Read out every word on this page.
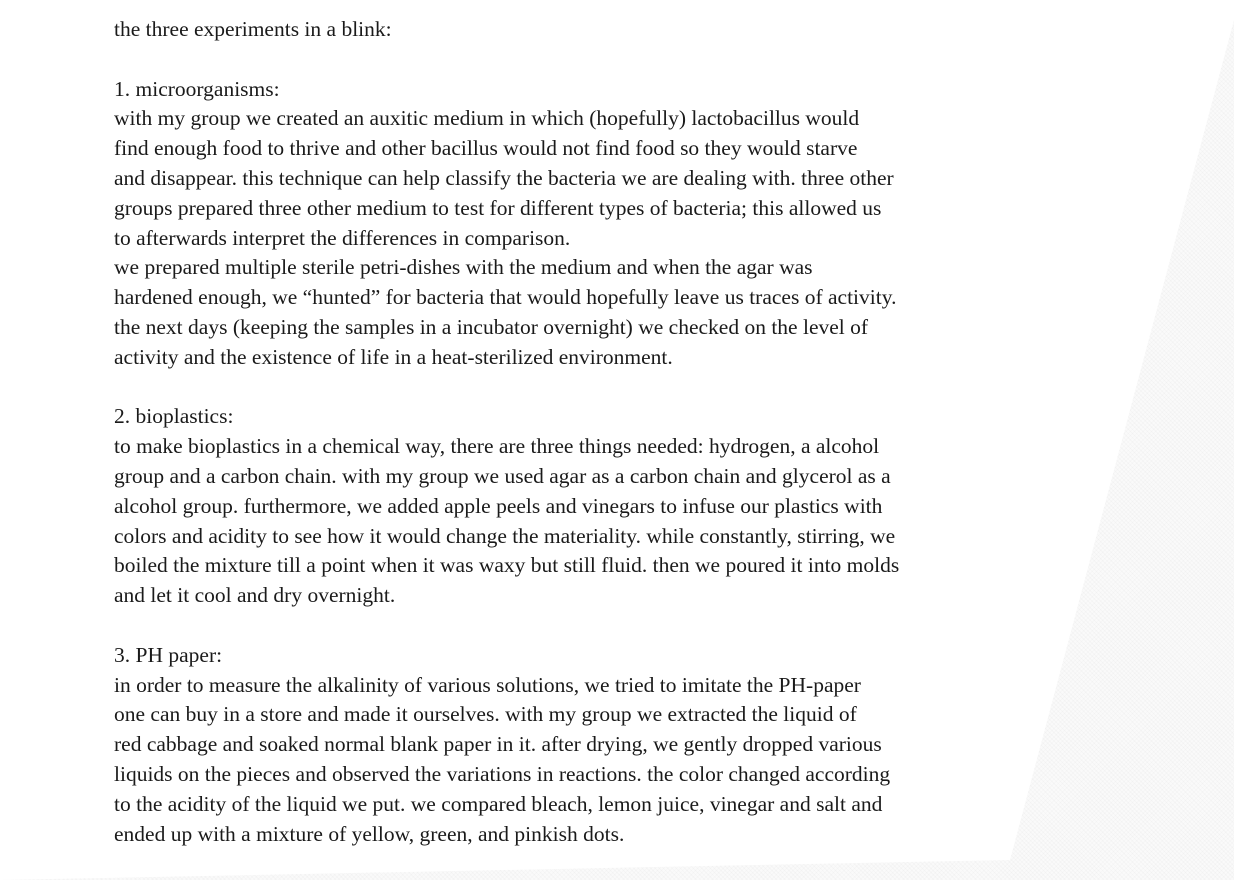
the three experiments in a blink:
1. microorganisms:
with my group we created an auxitic medium in which (hopefully) lactobacillus would
find enough food to thrive and other bacillus would not find food so they would starve
and disappear. this technique can help classify the bacteria we are dealing with. three other
groups prepared three other medium to test for different types of bacteria; this allowed us
to afterwards interpret the differences in comparison.
we prepared multiple sterile petri-dishes with the medium and when the agar was
hardened enough, we “hunted” for bacteria that would hopefully leave us traces of activity.
the next days (keeping the samples in a incubator overnight) we checked on the level of
activity and the existence of life in a heat-sterilized environment.
2. bioplastics:
to make bioplastics in a chemical way, there are three things needed: hydrogen, a alcohol
group and a carbon chain. with my group we used agar as a carbon chain and glycerol as a
alcohol group. furthermore, we added apple peels and vinegars to infuse our plastics with
colors and acidity to see how it would change the materiality. while constantly, stirring, we
boiled the mixture till a point when it was waxy but still fluid. then we poured it into molds
and let it cool and dry overnight.
3. PH paper:
in order to measure the alkalinity of various solutions, we tried to imitate the PH-paper
one can buy in a store and made it ourselves. with my group we extracted the liquid of
red cabbage and soaked normal blank paper in it. after drying, we gently dropped various
liquids on the pieces and observed the variations in reactions. the color changed according
to the acidity of the liquid we put. we compared bleach, lemon juice, vinegar and salt and
ended up with a mixture of yellow, green, and pinkish dots.
